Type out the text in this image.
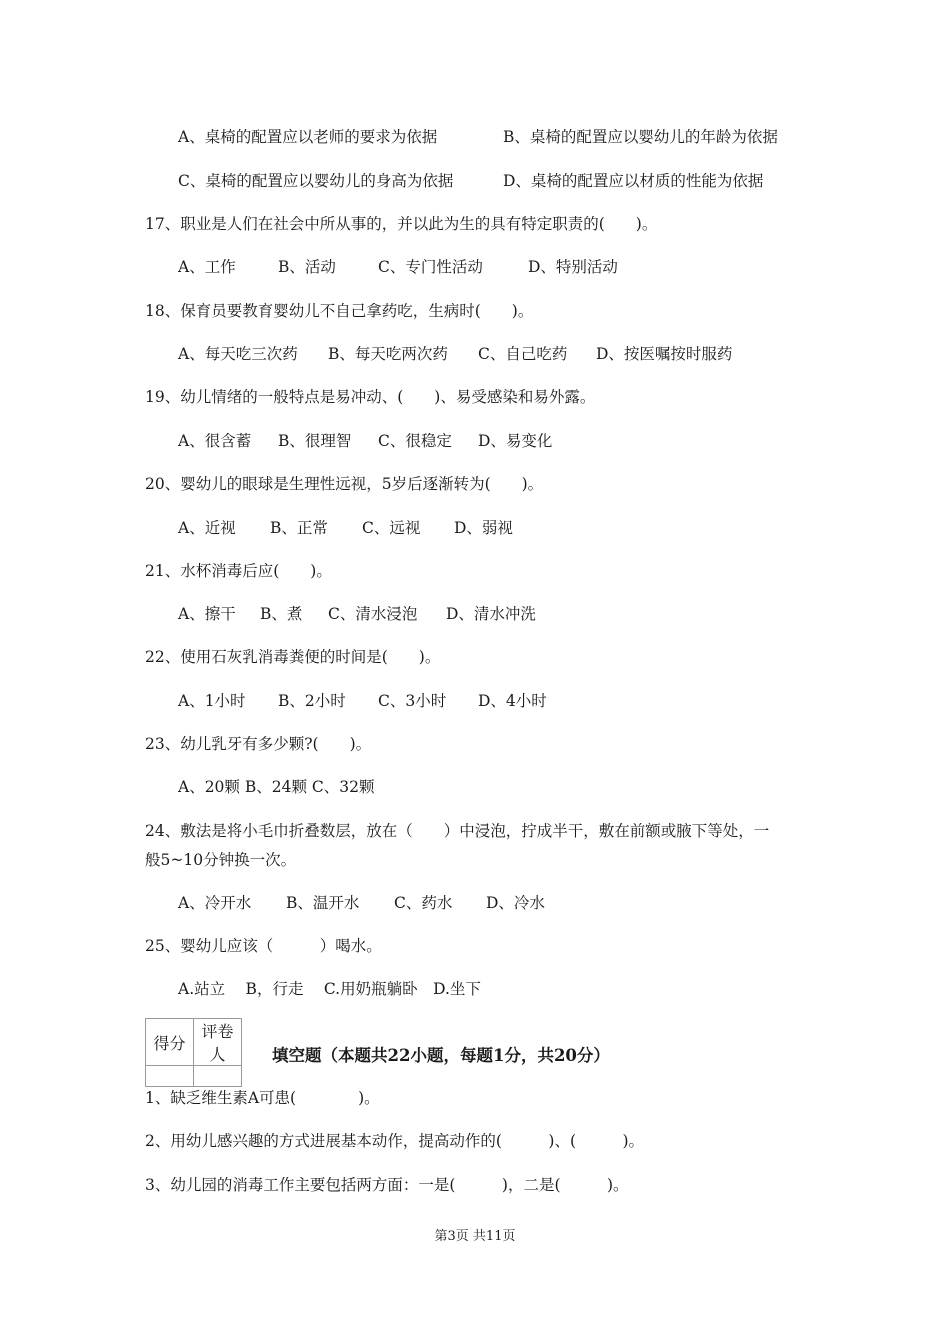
A、桌椅的配置应以老师的要求为依据	B、桌椅的配置应以婴幼儿的年龄为依据
C、桌椅的配置应以婴幼儿的身高为依据	D、桌椅的配置应以材质的性能为依据
17、职业是人们在社会中所从事的，并以此为生的具有特定职责的(　　)。
A、工作	B、活动	C、专门性活动	D、特别活动
18、保育员要教育婴幼儿不自己拿药吃，生病时(　　)。
A、每天吃三次药 B、每天吃两次药 C、自己吃药 D、按医嘱按时服药
19、幼儿情绪的一般特点是易冲动、(　　)、易受感染和易外露。
A、很含蓄 B、很理智 C、很稳定 D、易变化
20、婴幼儿的眼球是生理性远视，5岁后逐渐转为(　　)。
A、近视 B、正常 C、远视 D、弱视
21、水杯消毒后应(　　)。
A、擦干 B、煮 C、清水浸泡 D、清水冲洗
22、使用石灰乳消毒粪便的时间是(　　)。
A、1小时 B、2小时 C、3小时 D、4小时
23、幼儿乳牙有多少颗?(　　)。
A、20颗 B、24颗 C、32颗
24、敷法是将小毛巾折叠数层，放在（　　）中浸泡，拧成半干，敷在前额或腋下等处，一
般5~10分钟换一次。
A、冷开水 B、温开水 C、药水 D、冷水
25、婴幼儿应该（　　　）喝水。
A.站立　 B，行走　 C.用奶瓶躺卧　D.坐下
得分	评卷人
		填空题（本题共22小题，每题1分，共20分）
1、缺乏维生素A可患(　　　　)。
2、用幼儿感兴趣的方式进展基本动作，提高动作的(　　　)、(　　　)。
3、幼儿园的消毒工作主要包括两方面：一是(　　　)，二是(　　　)。
第3页 共11页
